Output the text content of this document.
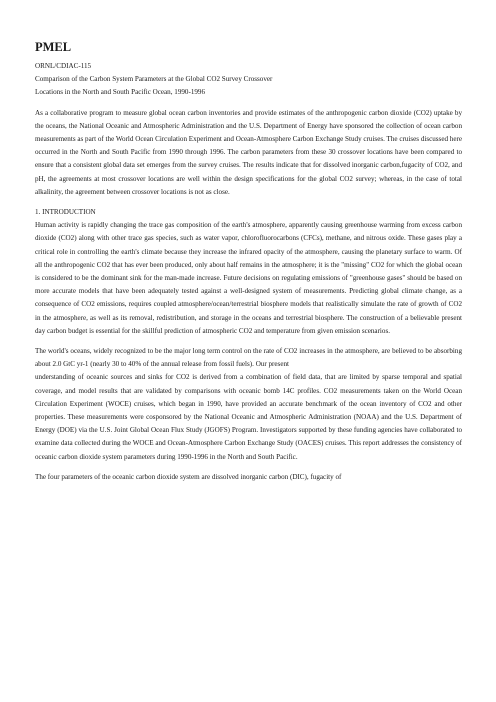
PMEL

ORNL/CDIAC-115

Comparison of the Carbon System Parameters at the Global CO2 Survey Crossover

Locations in the North and South Pacific Ocean, 1990-1996

As a collaborative program to measure global ocean carbon inventories and provide estimates of the anthropogenic carbon dioxide (CO2) uptake by the oceans, the National Oceanic and Atmospheric Administration and the U.S. Department of Energy have sponsored the collection of ocean carbon measurements as part of the World Ocean Circulation Experiment and Ocean-Atmosphere Carbon Exchange Study cruises. The cruises discussed here occurred in the North and South Pacific from 1990 through 1996. The carbon parameters from these 30 crossover locations have been compared to ensure that a consistent global data set emerges from the survey cruises. The results indicate that for dissolved inorganic carbon,fugacity of CO2, and pH, the agreements at most crossover locations are well within the design specifications for the global CO2 survey; whereas, in the case of total alkalinity, the agreement between crossover locations is not as close.

1. INTRODUCTION

Human activity is rapidly changing the trace gas composition of the earth's atmosphere, apparently causing greenhouse warming from excess carbon dioxide (CO2) along with other trace gas species, such as water vapor, chlorofluorocarbons (CFCs), methane, and nitrous oxide. These gases play a critical role in controlling the earth's climate because they increase the infrared opacity of the atmosphere, causing the planetary surface to warm. Of all the anthropogenic CO2 that has ever been produced, only about half remains in the atmosphere; it is the "missing" CO2 for which the global ocean is considered to be the dominant sink for the man-made increase. Future decisions on regulating emissions of "greenhouse gases" should be based on more accurate models that have been adequately tested against a well-designed system of measurements. Predicting global climate change, as a consequence of CO2 emissions, requires coupled atmosphere/ocean/terrestrial biosphere models that realistically simulate the rate of growth of CO2 in the atmosphere, as well as its removal, redistribution, and storage in the oceans and terrestrial biosphere. The construction of a believable present day carbon budget is essential for the skillful prediction of atmospheric CO2 and temperature from given emission scenarios.

The world's oceans, widely recognized to be the major long term control on the rate of CO2 increases in the atmosphere, are believed to be absorbing about 2.0 GtC yr-1 (nearly 30 to 40% of the annual release from fossil fuels). Our present

understanding of oceanic sources and sinks for CO2 is derived from a combination of field data, that are limited by sparse temporal and spatial coverage, and model results that are validated by comparisons with oceanic bomb 14C profiles. CO2 measurements taken on the World Ocean Circulation Experiment (WOCE) cruises, which began in 1990, have provided an accurate benchmark of the ocean inventory of CO2 and other properties. These measurements were cosponsored by the National Oceanic and Atmospheric Administration (NOAA) and the U.S. Department of Energy (DOE) via the U.S. Joint Global Ocean Flux Study (JGOFS) Program. Investigators supported by these funding agencies have collaborated to examine data collected during the WOCE and Ocean-Atmosphere Carbon Exchange Study (OACES) cruises. This report addresses the consistency of oceanic carbon dioxide system parameters during 1990-1996 in the North and South Pacific.

The four parameters of the oceanic carbon dioxide system are dissolved inorganic carbon (DIC), fugacity of
